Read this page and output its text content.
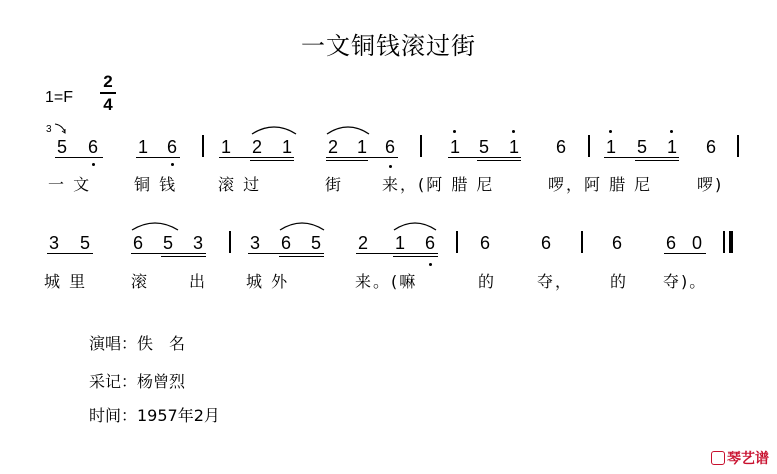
一文铜钱滚过街
1=F
2
4
3
5 6 1 6 1 2 1 2 1 6	1 5 1 6 1 5 1 6
一 文	铜 钱	滚 过	街 来，(阿 腊 尼	啰，阿 腊 尼	啰)
3 5 6 5 3	3 6 5 2 1 6 6	6	6 6 0
城 里	滚 出 城 外	来。(嘛	的	夺， 的 夺)。
演唱：佚　名
采记：杨曾烈
时间：1957年2月
琴艺谱
